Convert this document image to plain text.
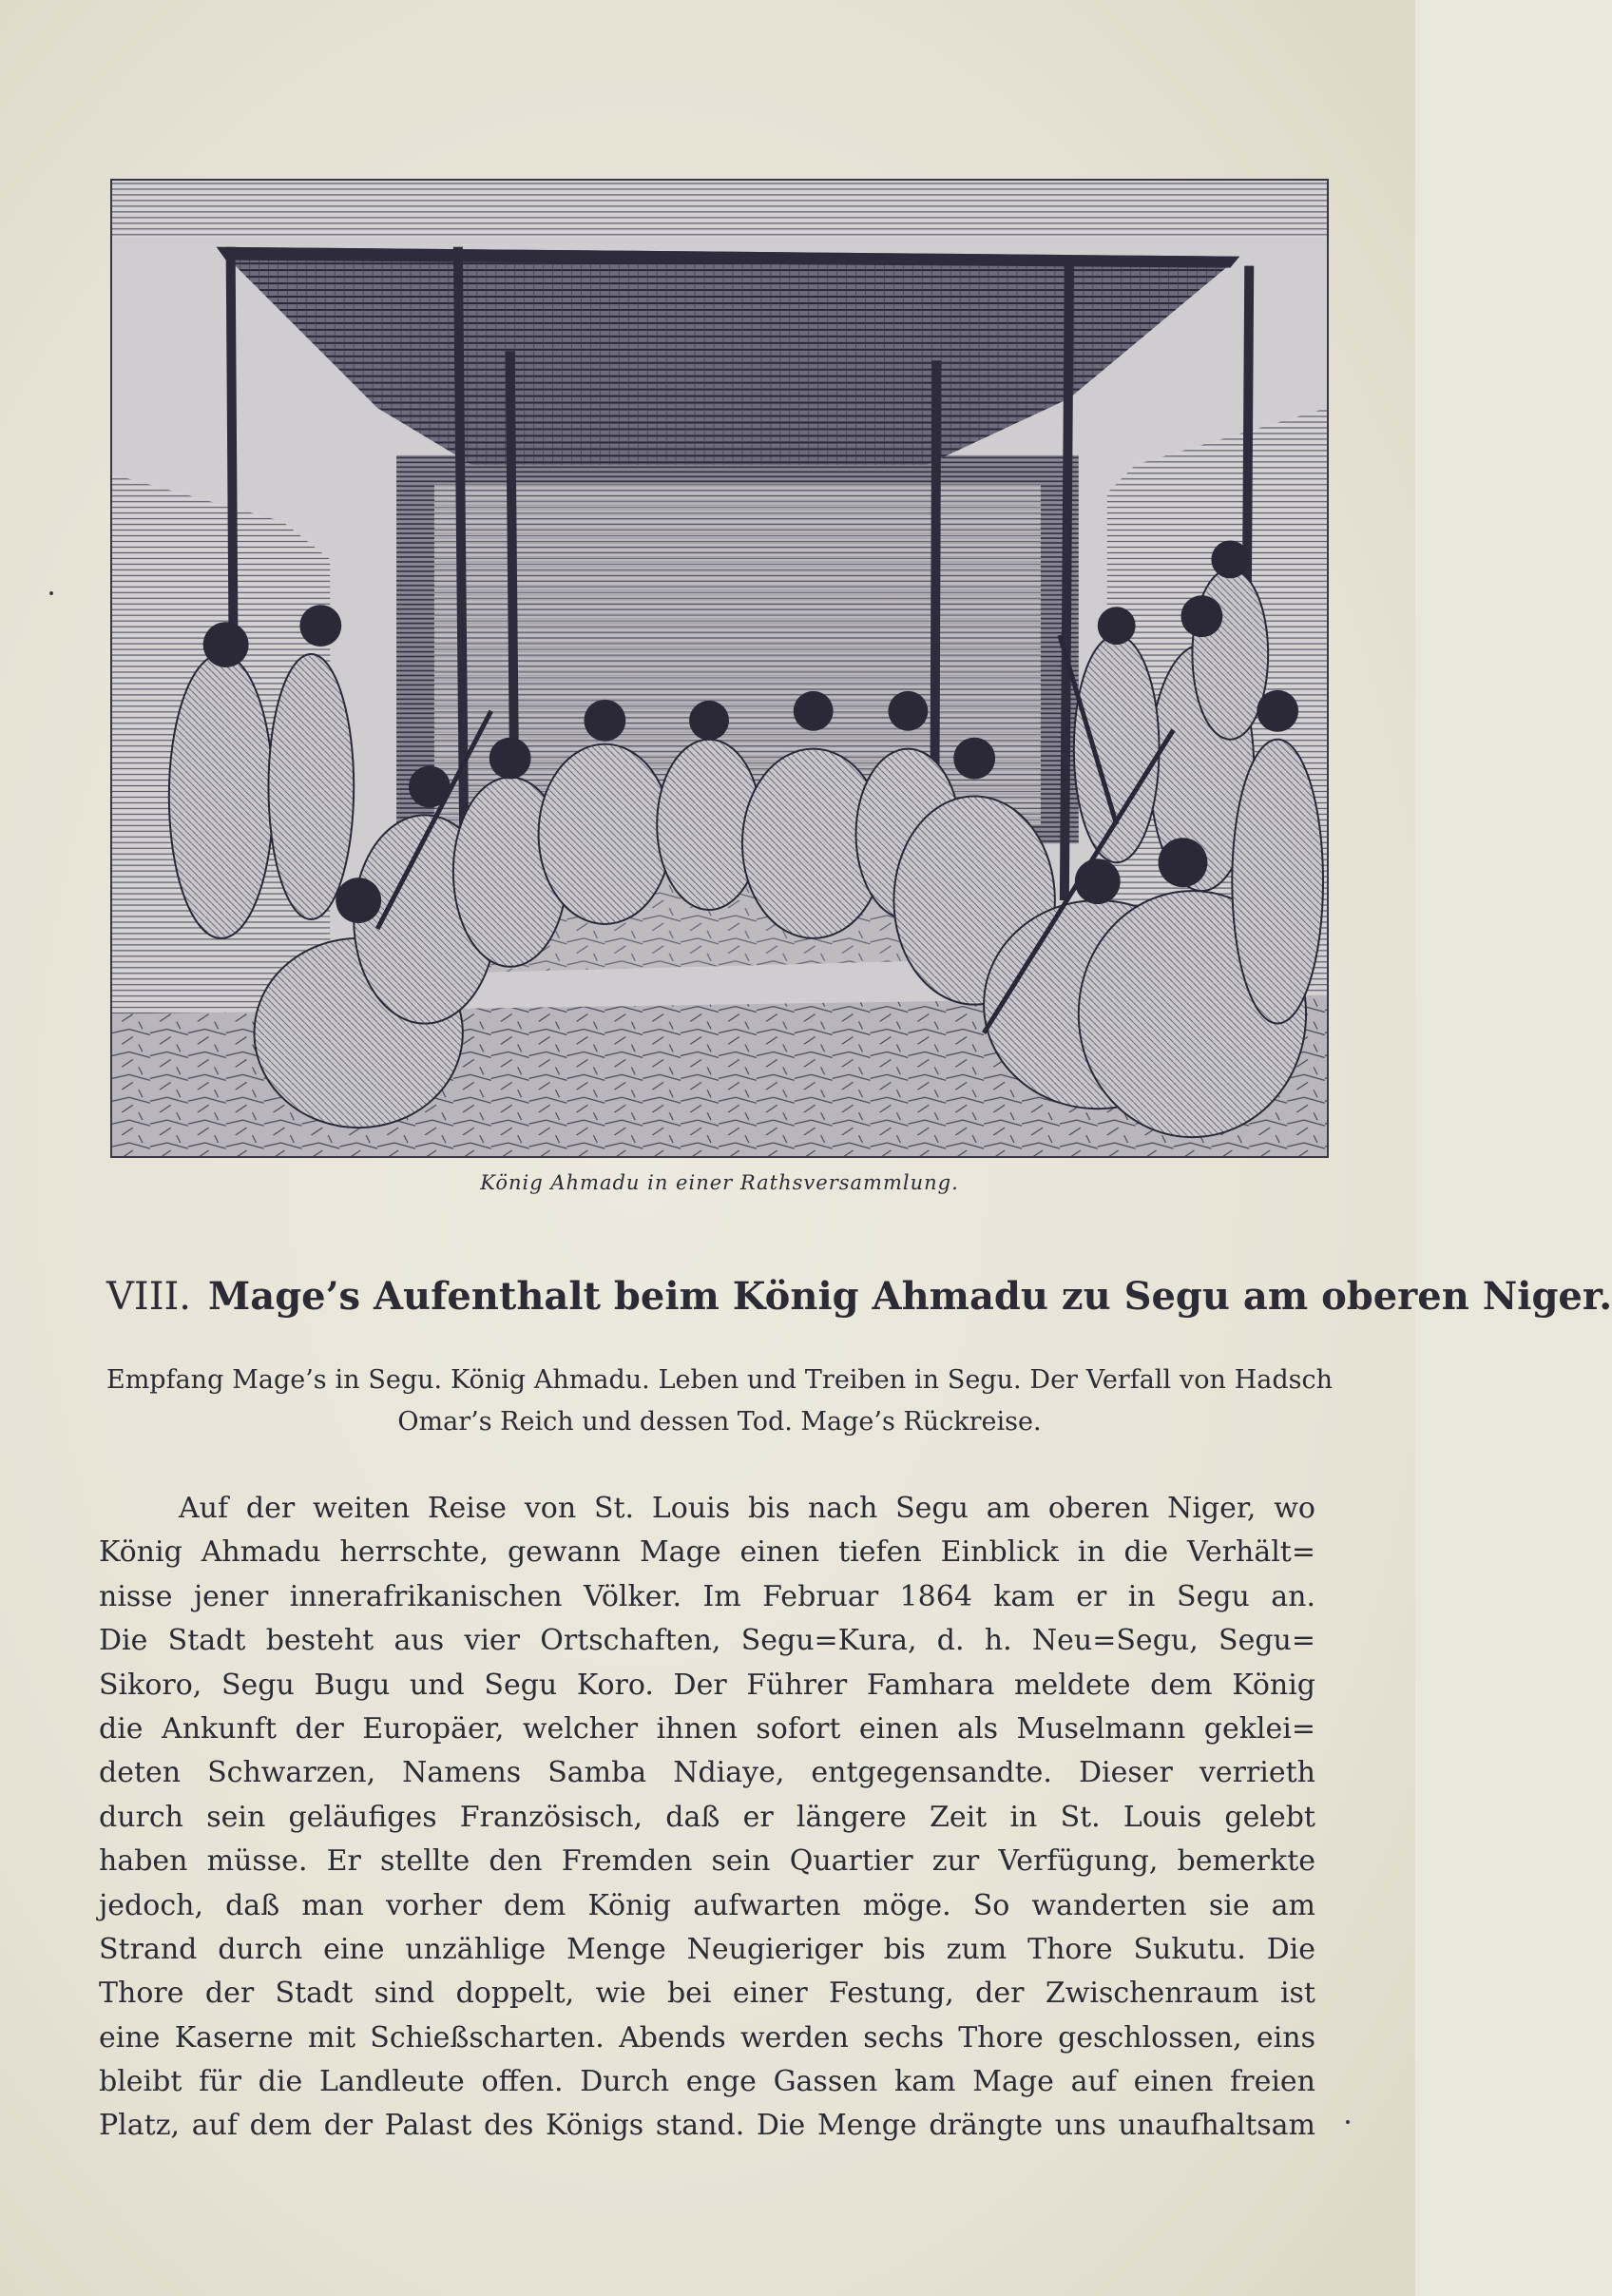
König Ahmadu in einer Rathsversammlung.
VIII. Mage’s Aufenthalt beim König Ahmadu zu Segu am oberen Niger.
Empfang Mage’s in Segu. König Ahmadu. Leben und Treiben in Segu. Der Verfall von Hadsch Omar’s Reich und dessen Tod. Mage’s Rückreise.
Auf der weiten Reise von St. Louis bis nach Segu am oberen Niger, wo
König Ahmadu herrschte, gewann Mage einen tiefen Einblick in die Verhält=
nisse jener innerafrikanischen Völker. Im Februar 1864 kam er in Segu an.
Die Stadt besteht aus vier Ortschaften, Segu=Kura, d. h. Neu=Segu, Segu=
Sikoro, Segu Bugu und Segu Koro. Der Führer Famhara meldete dem König
die Ankunft der Europäer, welcher ihnen sofort einen als Muselmann geklei=
deten Schwarzen, Namens Samba Ndiaye, entgegensandte. Dieser verrieth
durch sein geläufiges Französisch, daß er längere Zeit in St. Louis gelebt
haben müsse. Er stellte den Fremden sein Quartier zur Verfügung, bemerkte
jedoch, daß man vorher dem König aufwarten möge. So wanderten sie am
Strand durch eine unzählige Menge Neugieriger bis zum Thore Sukutu. Die
Thore der Stadt sind doppelt, wie bei einer Festung, der Zwischenraum ist
eine Kaserne mit Schießscharten. Abends werden sechs Thore geschlossen, eins
bleibt für die Landleute offen. Durch enge Gassen kam Mage auf einen freien
Platz, auf dem der Palast des Königs stand. Die Menge drängte uns unaufhaltsam
